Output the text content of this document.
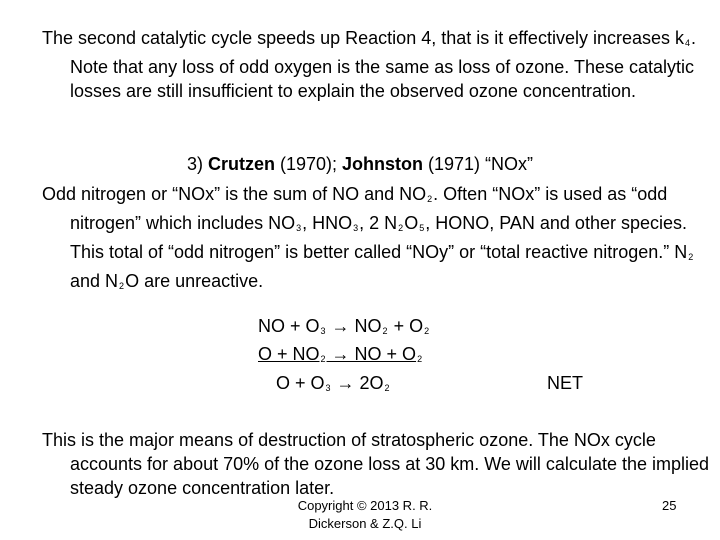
The second catalytic cycle speeds up Reaction 4, that is it effectively increases $k_4$. Note that any loss of odd oxygen is the same as loss of ozone. These catalytic losses are still insufficient to explain the observed ozone concentration.
3) Crutzen (1970); Johnston (1971) “NOx”
Odd nitrogen or “NOx” is the sum of NO and $NO_2$. Often “NOx” is used as “odd nitrogen” which includes $NO_3$, $HNO_3$, 2 $N_2O_5$, HONO, PAN and other species. This total of “odd nitrogen” is better called “NOy” or “total reactive nitrogen.” $N_2$ and $N_2O$ are unreactive.
NO + $O_3 \to NO_2 + O_2$
$O + NO_2$ → NO + $O_2$
$O + O_3 \to 2O_2$	NET
This is the major means of destruction of stratospheric ozone. The NOx cycle accounts for about 70% of the ozone loss at 30 km. We will calculate the implied steady ozone concentration later.
Copyright © 2013 R. R.
Dickerson & Z.Q. Li
25
